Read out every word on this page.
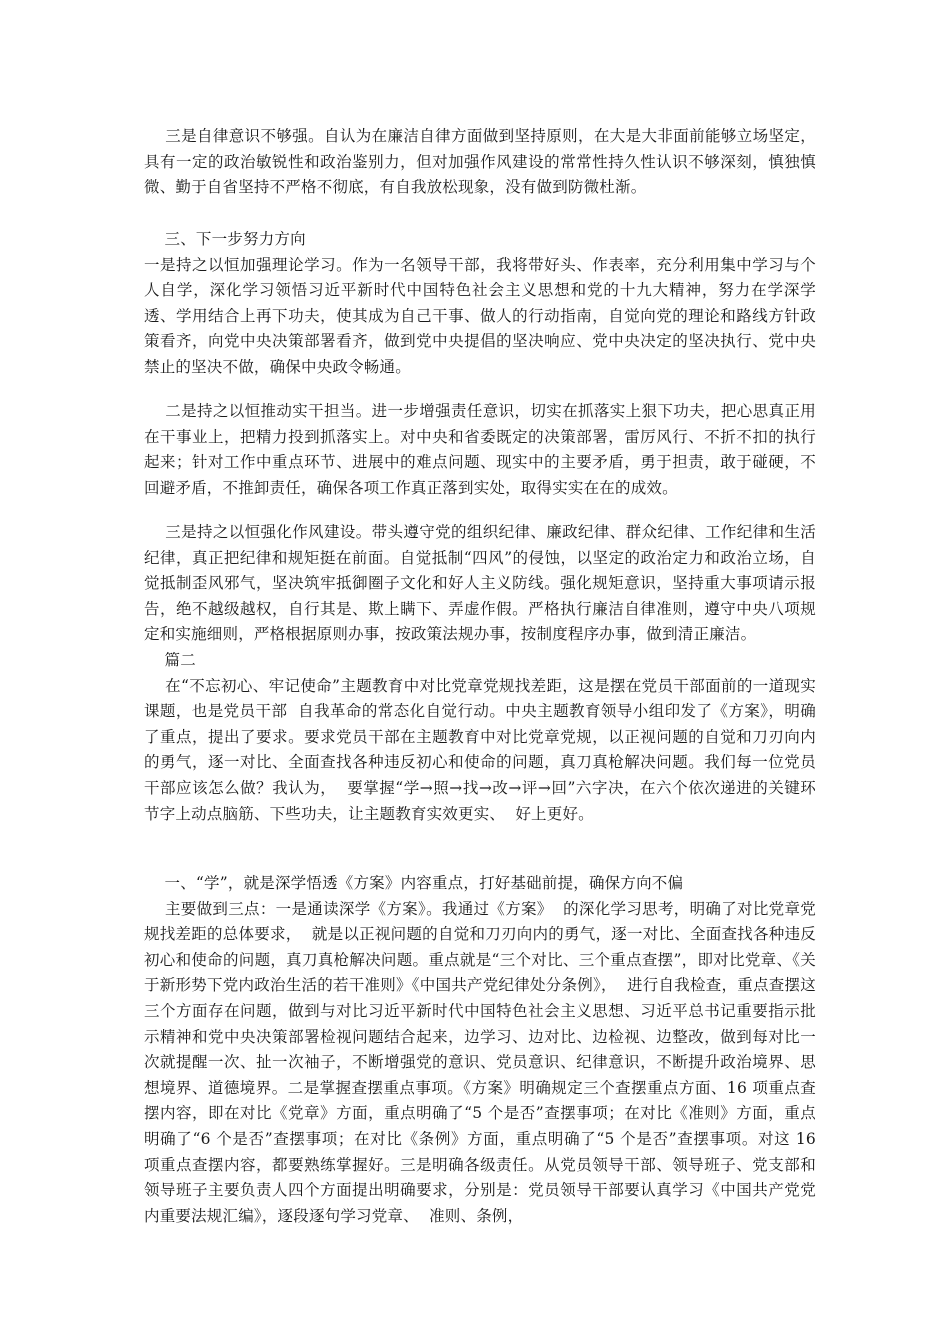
三是自律意识不够强。自认为在廉洁自律方面做到坚持原则，在大是大非面前能够立场坚定，具有一定的政治敏锐性和政治鉴别力，但对加强作风建设的常常性持久性认识不够深刻，慎独慎微、勤于自省坚持不严格不彻底，有自我放松现象，没有做到防微杜渐。

三、下一步努力方向
一是持之以恒加强理论学习。作为一名领导干部，我将带好头、作表率，充分利用集中学习与个人自学，深化学习领悟习近平新时代中国特色社会主义思想和党的十九大精神，努力在学深学透、学用结合上再下功夫，使其成为自己干事、做人的行动指南，自觉向党的理论和路线方针政策看齐，向党中央决策部署看齐，做到党中央提倡的坚决响应、党中央决定的坚决执行、党中央禁止的坚决不做，确保中央政令畅通。

二是持之以恒推动实干担当。进一步增强责任意识，切实在抓落实上狠下功夫，把心思真正用在干事业上，把精力投到抓落实上。对中央和省委既定的决策部署，雷厉风行、不折不扣的执行起来；针对工作中重点环节、进展中的难点问题、现实中的主要矛盾，勇于担责，敢于碰硬，不回避矛盾，不推卸责任，确保各项工作真正落到实处，取得实实在在的成效。

三是持之以恒强化作风建设。带头遵守党的组织纪律、廉政纪律、群众纪律、工作纪律和生活纪律，真正把纪律和规矩挺在前面。自觉抵制“四风”的侵蚀，以坚定的政治定力和政治立场，自觉抵制歪风邪气，坚决筑牢抵御圈子文化和好人主义防线。强化规矩意识，坚持重大事项请示报告，绝不越级越权，自行其是、欺上瞒下、弄虚作假。严格执行廉洁自律准则，遵守中央八项规定和实施细则，严格根据原则办事，按政策法规办事，按制度程序办事，做到清正廉洁。
篇二
在“不忘初心、牢记使命”主题教育中对比党章党规找差距，这是摆在党员干部面前的一道现实课题，也是党员干部  自我革命的常态化自觉行动。中央主题教育领导小组印发了《方案》，明确了重点，提出了要求。要求党员干部在主题教育中对比党章党规，以正视问题的自觉和刀刃向内的勇气，逐一对比、全面查找各种违反初心和使命的问题，真刀真枪解决问题。我们每一位党员干部应该怎么做？我认为，  要掌握“学→照→找→改→评→回”六字决，在六个依次递进的关键环节字上动点脑筋、下些功夫，让主题教育实效更实、  好上更好。

一、“学”，就是深学悟透《方案》内容重点，打好基础前提，确保方向不偏
主要做到三点：一是通读深学《方案》。我通过《方案》  的深化学习思考，明确了对比党章党规找差距的总体要求，  就是以正视问题的自觉和刀刃向内的勇气，逐一对比、全面查找各种违反初心和使命的问题，真刀真枪解决问题。重点就是“三个对比、三个重点查摆”，即对比党章、《关于新形势下党内政治生活的若干准则》《中国共产党纪律处分条例》，  进行自我检查，重点查摆这三个方面存在问题，做到与对比习近平新时代中国特色社会主义思想、习近平总书记重要指示批示精神和党中央决策部署检视问题结合起来，边学习、边对比、边检视、边整改，做到每对比一次就提醒一次、扯一次袖子，不断增强党的意识、党员意识、纪律意识，不断提升政治境界、思想境界、道德境界。二是掌握查摆重点事项。《方案》明确规定三个查摆重点方面、16 项重点查摆内容，即在对比《党章》方面，重点明确了“5 个是否”查摆事项；在对比《准则》方面，重点明确了“6 个是否”查摆事项；在对比《条例》方面，重点明确了“5 个是否”查摆事项。对这 16 项重点查摆内容，都要熟练掌握好。三是明确各级责任。从党员领导干部、领导班子、党支部和领导班子主要负责人四个方面提出明确要求，分别是：党员领导干部要认真学习《中国共产党党内重要法规汇编》，逐段逐句学习党章、  准则、条例，
